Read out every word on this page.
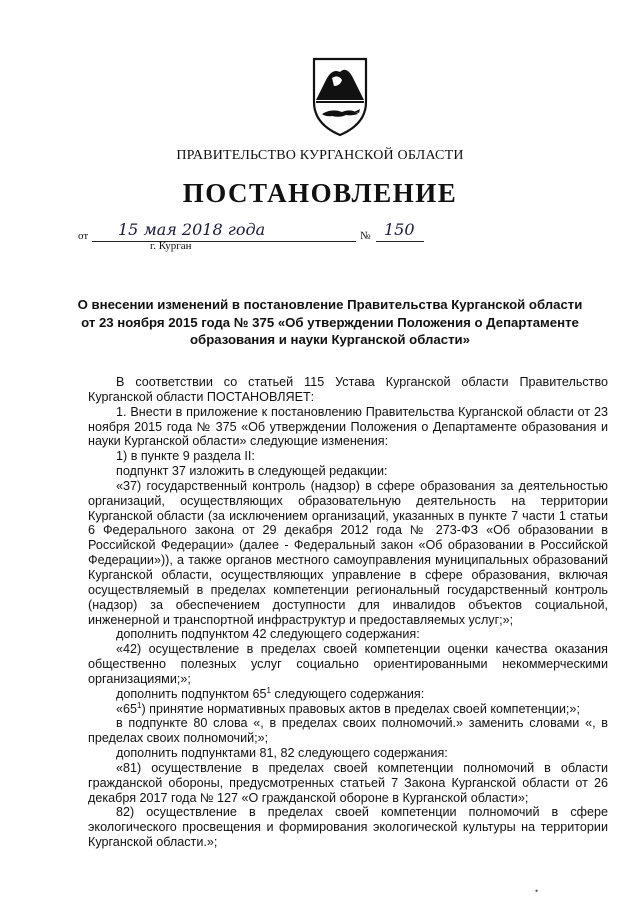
ПРАВИТЕЛЬСТВО КУРГАНСКОЙ ОБЛАСТИ
ПОСТАНОВЛЕНИЕ
от 15 мая 2018 года	№ 150
г. Курган
О внесении изменений в постановление Правительства Курганской области
от 23 ноября 2015 года № 375 «Об утверждении Положения о Департаменте
образования и науки Курганской области»

В соответствии со статьей 115 Устава Курганской области Правительство Курганской области ПОСТАНОВЛЯЕТ:

1. Внести в приложение к постановлению Правительства Курганской области от 23 ноября 2015 года № 375 «Об утверждении Положения о Департаменте образования и науки Курганской области» следующие изменения:

1) в пункте 9 раздела II:

подпункт 37 изложить в следующей редакции:

«37) государственный контроль (надзор) в сфере образования за деятельностью организаций, осуществляющих образовательную деятельность на территории Курганской области (за исключением организаций, указанных в пункте 7 части 1 статьи 6 Федерального закона от 29 декабря 2012 года № 273-ФЗ «Об образовании в Российской Федерации» (далее - Федеральный закон «Об образовании в Российской Федерации»)), а также органов местного самоуправления муниципальных образований Курганской области, осуществляющих управление в сфере образования, включая осуществляемый в пределах компетенции региональный государственный контроль (надзор) за обеспечением доступности для инвалидов объектов социальной, инженерной и транспортной инфраструктур и предоставляемых услуг;»;

дополнить подпунктом 42 следующего содержания:

«42) осуществление в пределах своей компетенции оценки качества оказания общественно полезных услуг социально ориентированными некоммерческими организациями;»;

дополнить подпунктом $65^1$ следующего содержания:

«$65^1$) принятие нормативных правовых актов в пределах своей компетенции;»;

в подпункте 80 слова «, в пределах своих полномочий.» заменить словами «, в пределах своих полномочий;»;

дополнить подпунктами 81, 82 следующего содержания:

«81) осуществление в пределах своей компетенции полномочий в области гражданской обороны, предусмотренных статьей 7 Закона Курганской области от 26 декабря 2017 года № 127 «О гражданской обороне в Курганской области»;

82) осуществление в пределах своей компетенции полномочий в сфере экологического просвещения и формирования экологической культуры на территории Курганской области.»;

•
